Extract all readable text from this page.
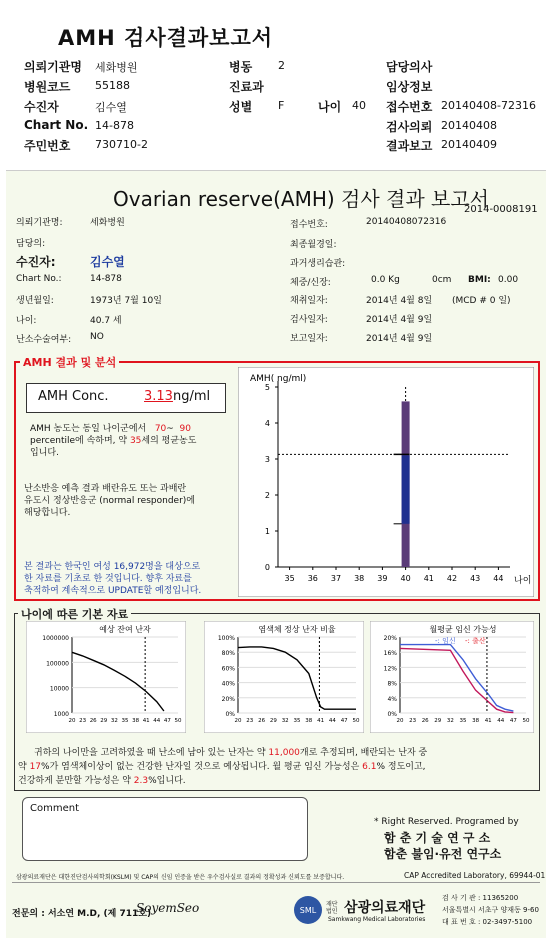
AMH 검사결과보고서
의뢰기관명 세화병원
병원코드 55188
수진자	김수열
Chart No. 14-878
주민번호 730710-2
병동 2
진료과
성별 F	나이 40
담당의사
임상정보
접수번호 20140408-72316
검사의뢰 20140408
결과보고 20140409
Ovarian reserve(AMH) 검사 결과 보고서
2014-0008191
의뢰기관명:	세화병원
담당의:
수진자:	김수열
Chart No.:	14-878
생년월일:	1973년 7월 10일
나이:	40.7 세
난소수술여부: NO
접수번호:	20140408072316
최종월경일:
과거생리습관:
체중/신장:	0.0 Kg	0cm BMI: 0.00
채취일자:	2014년 4월 8일 (MCD # 0 일)
검사일자:	2014년 4월 9일
보고일자:	2014년 4월 9일
AMH 결과 및 분석
AMH Conc.	3.13 ng/ml
AMH 농도는 동일 나이군에서 70~ 90
percentile에 속하며, 약 35세의 평균농도
입니다.
난소반응 예측 결과 배란유도 또는 과배란
유도시 정상반응군 (normal responder)에
해당합니다.
본 결과는 한국인 여성 16,972명을 대상으로
한 자료를 기초로 한 것입니다. 향후 자료를
축적하여 계속적으로 UPDATE할 예정입니다.
AMH( ng/ml)
0
1
2
3
4
5
35 36 37 38 39 40 41 42 43 44 나이
나이에 따른 기본 자료
예상 잔여 난자
1000
10000
100000
1000000
20 23 26 29 32 35 38 41 44 47 50
염색체 정상 난자 비율
0%
20%
40%
60%
80%
100%
20 23 26 29 32 35 38 41 44 47 50
월평균 임신 가능성
0%
4%
8%
12%
16%
20%
20 23 26 29 32 35 38 41 44 47 50
-: 임신 -: 출산
귀하의 나이만을 고려하였을 때 난소에 남아 있는 난자는 약 11,000개로 추정되며, 배란되는 난자 중
약 17%가 염색체이상이 없는 건강한 난자일 것으로 예상됩니다. 월 평균 임신 가능성은 6.1% 정도이고,
건강하게 분만할 가능성은 약 2.3%입니다.
Comment
* Right Reserved. Programed by
함 춘 기 술 연 구 소
함춘 불임·유전 연구소
삼광의료재단은 대한진단검사의학회(KSLM) 및 CAP의 신임 인증을 받은 우수검사실로 결과의 정확성과 신뢰도를 보증합니다.	CAP Accredited Laboratory, 69944-01
전문의 : 서소연 M.D, (제 711호)
SoyemSeo	SML
재단 법인 삼광의료재단
Samkwang Medical Laboratories
검 사 기 관 : 11365200
서울특별시 서초구 양재동 9-60
대 표 번 호 : 02-3497-5100
